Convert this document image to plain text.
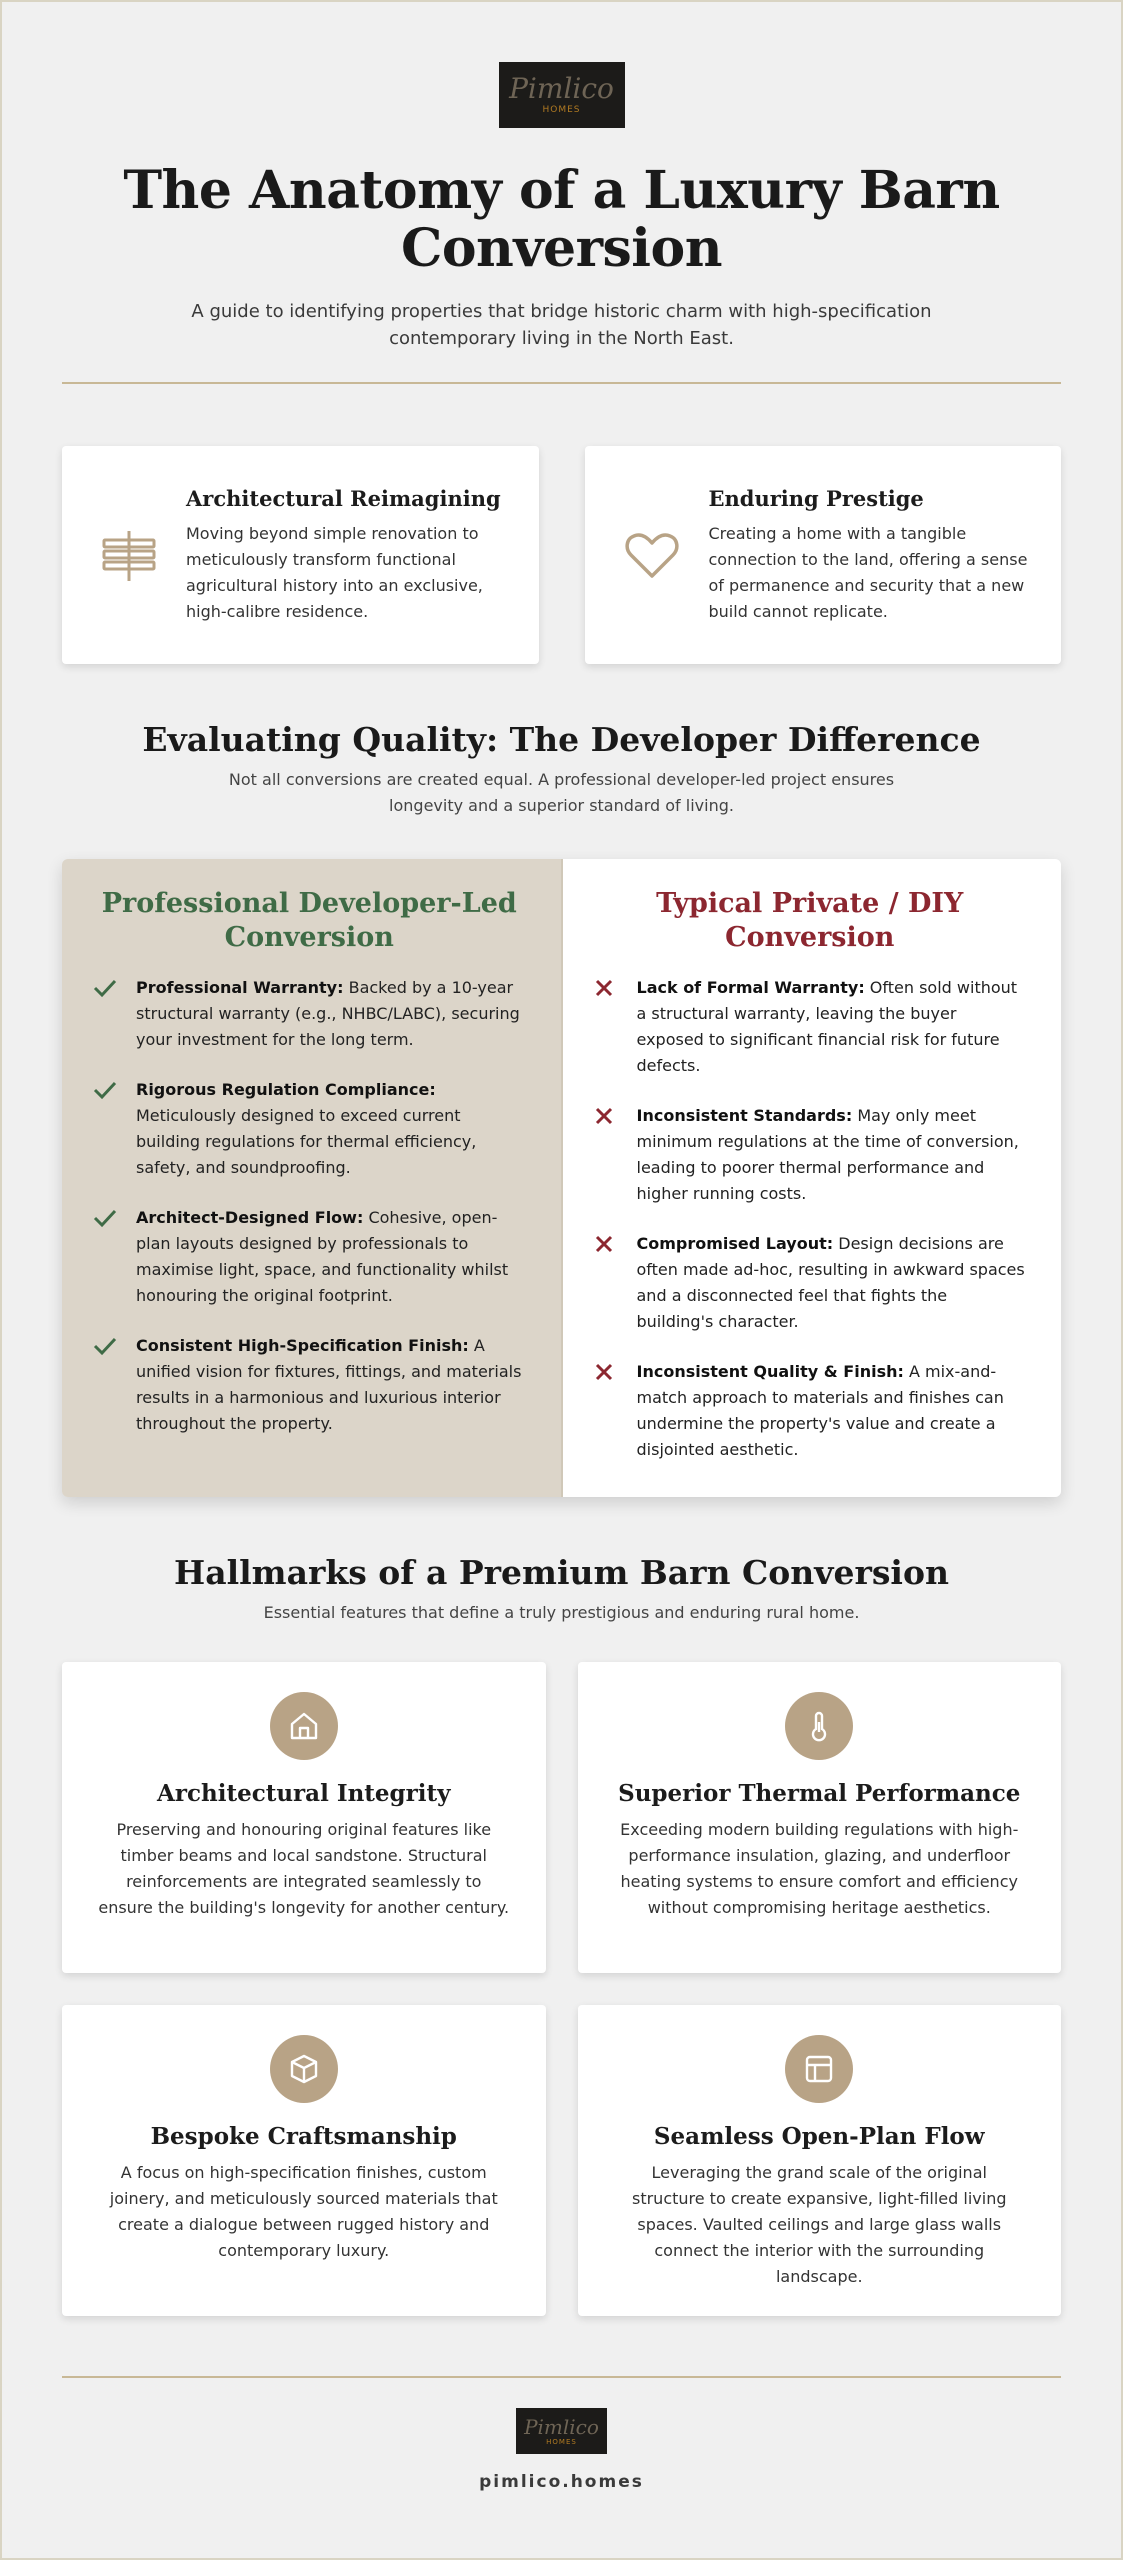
Pimlico
HOMES
The Anatomy of a Luxury Barn Conversion

A guide to identifying properties that bridge historic charm with high-specification contemporary living in the North East.

Architectural Reimagining

Moving beyond simple renovation to meticulously transform functional agricultural history into an exclusive, high-calibre residence.

Enduring Prestige

Creating a home with a tangible connection to the land, offering a sense of permanence and security that a new build cannot replicate.

Evaluating Quality: The Developer Difference

Not all conversions are created equal. A professional developer-led project ensures longevity and a superior standard of living.

Professional Developer-Led Conversion
Professional Warranty: Backed by a 10-year structural warranty (e.g., NHBC/LABC), securing your investment for the long term.
Rigorous Regulation Compliance: Meticulously designed to exceed current building regulations for thermal efficiency, safety, and soundproofing.
Architect-Designed Flow: Cohesive, open-plan layouts designed by professionals to maximise light, space, and functionality whilst honouring the original footprint.
Consistent High-Specification Finish: A unified vision for fixtures, fittings, and materials results in a harmonious and luxurious interior throughout the property.
Typical Private / DIY Conversion
Lack of Formal Warranty: Often sold without a structural warranty, leaving the buyer exposed to significant financial risk for future defects.
Inconsistent Standards: May only meet minimum regulations at the time of conversion, leading to poorer thermal performance and higher running costs.
Compromised Layout: Design decisions are often made ad-hoc, resulting in awkward spaces and a disconnected feel that fights the building's character.
Inconsistent Quality & Finish: A mix-and-match approach to materials and finishes can undermine the property's value and create a disjointed aesthetic.
Hallmarks of a Premium Barn Conversion

Essential features that define a truly prestigious and enduring rural home.

Architectural Integrity

Preserving and honouring original features like timber beams and local sandstone. Structural reinforcements are integrated seamlessly to ensure the building's longevity for another century.

Superior Thermal Performance

Exceeding modern building regulations with high-performance insulation, glazing, and underfloor heating systems to ensure comfort and efficiency without compromising heritage aesthetics.

Bespoke Craftsmanship

A focus on high-specification finishes, custom joinery, and meticulously sourced materials that create a dialogue between rugged history and contemporary luxury.

Seamless Open-Plan Flow

Leveraging the grand scale of the original structure to create expansive, light-filled living spaces. Vaulted ceilings and large glass walls connect the interior with the surrounding landscape.

Pimlico
HOMES
pimlico.homes
